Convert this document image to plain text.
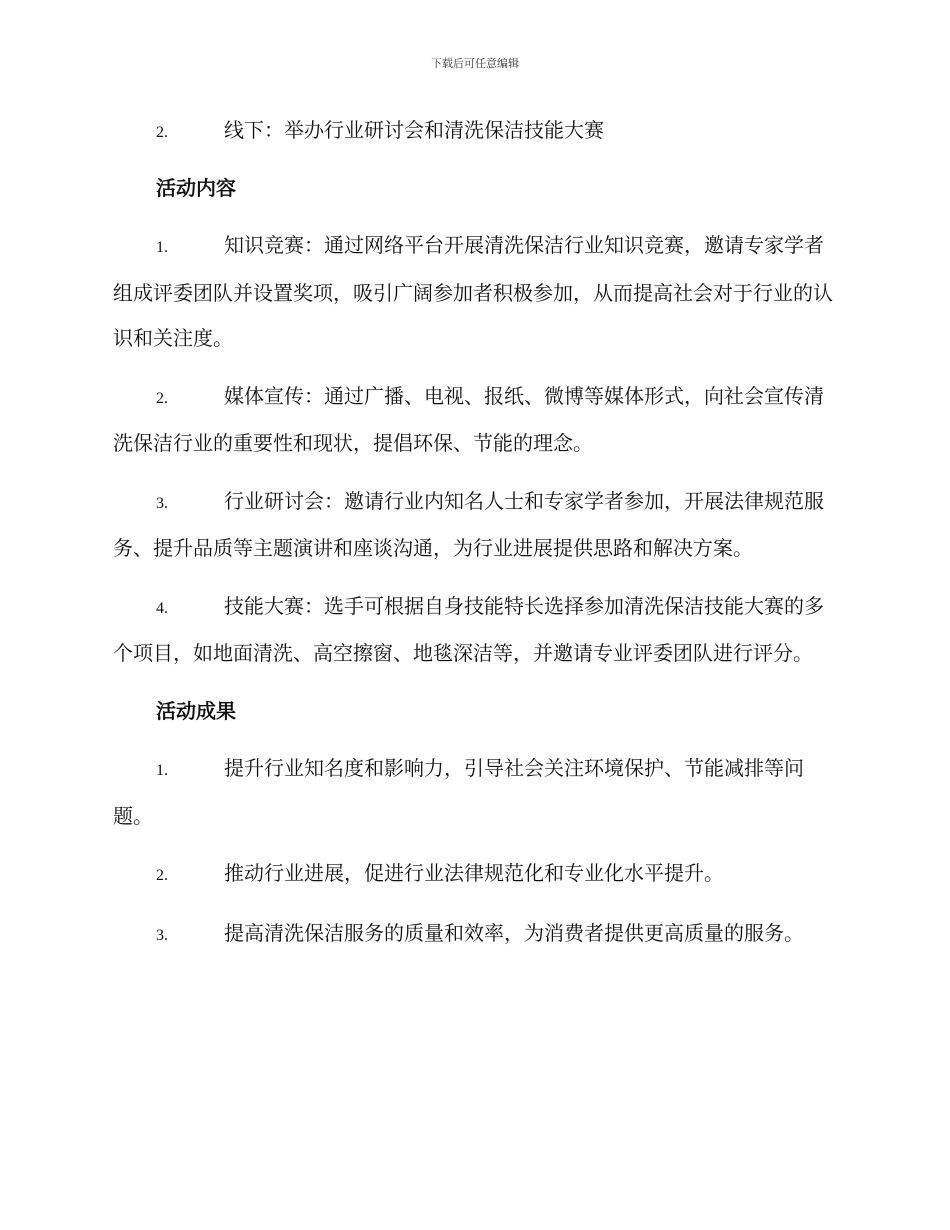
下载后可任意编辑

2.	线下：举办行业研讨会和清洗保洁技能大赛

活动内容

1.	知识竞赛：通过网络平台开展清洗保洁行业知识竞赛，邀请专家学者组成评委团队并设置奖项，吸引广阔参加者积极参加，从而提高社会对于行业的认识和关注度。

2.	媒体宣传：通过广播、电视、报纸、微博等媒体形式，向社会宣传清洗保洁行业的重要性和现状，提倡环保、节能的理念。

3.	行业研讨会：邀请行业内知名人士和专家学者参加，开展法律规范服务、提升品质等主题演讲和座谈沟通，为行业进展提供思路和解决方案。

4.	技能大赛：选手可根据自身技能特长选择参加清洗保洁技能大赛的多个项目，如地面清洗、高空擦窗、地毯深洁等，并邀请专业评委团队进行评分。

活动成果

1.	提升行业知名度和影响力，引导社会关注环境保护、节能减排等问题。

2.	推动行业进展，促进行业法律规范化和专业化水平提升。

3.	提高清洗保洁服务的质量和效率，为消费者提供更高质量的服务。
